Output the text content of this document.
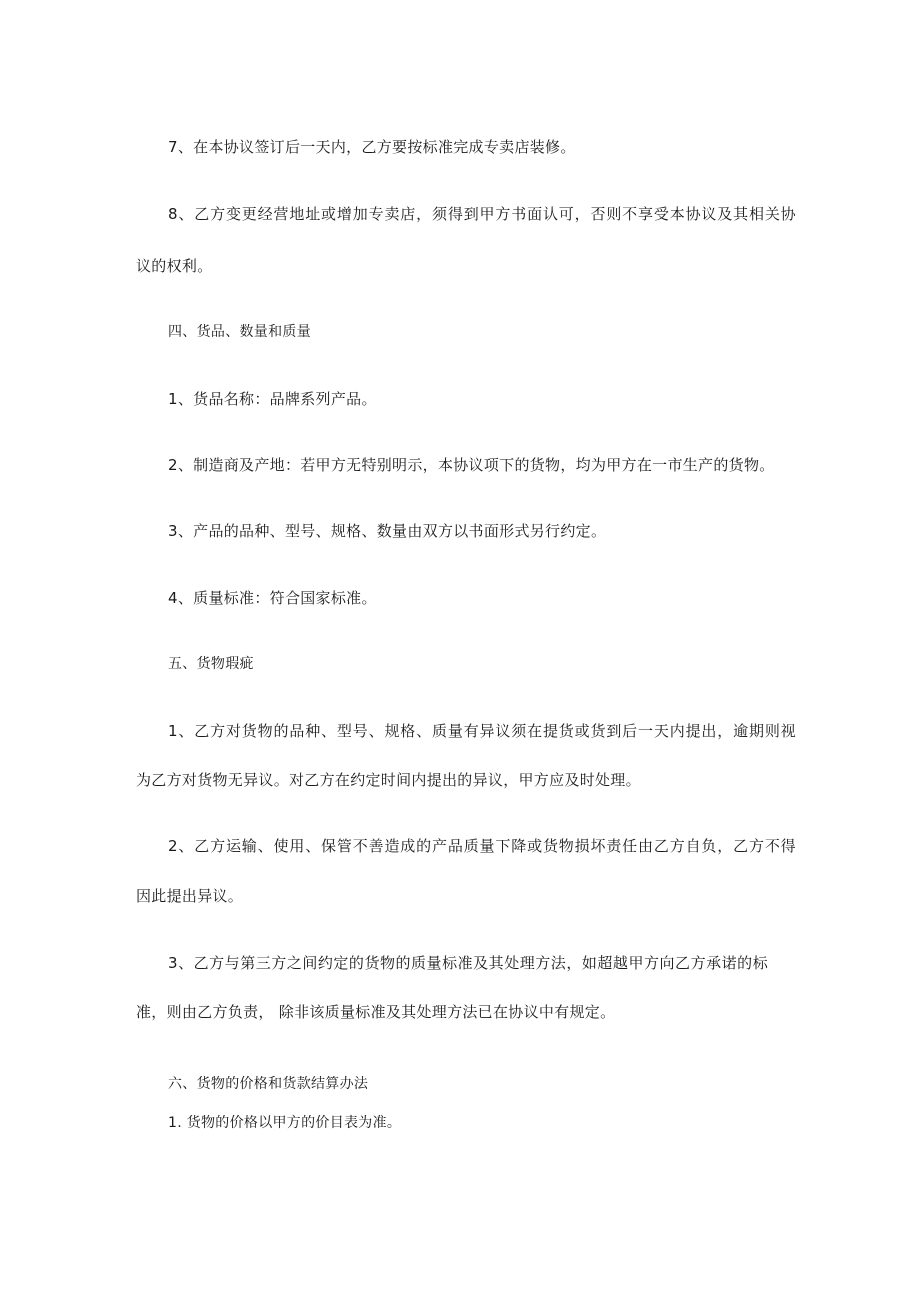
7、在本协议签订后一天内，乙方要按标准完成专卖店装修。
8、乙方变更经营地址或增加专卖店，须得到甲方书面认可，否则不享受本协议及其相关协
议的权利。
四、货品、数量和质量
1、货品名称：品牌系列产品。
2、制造商及产地：若甲方无特别明示，本协议项下的货物，均为甲方在一市生产的货物。
3、产品的品种、型号、规格、数量由双方以书面形式另行约定。
4、质量标准：符合国家标准。
五、货物瑕疵
1、乙方对货物的品种、型号、规格、质量有异议须在提货或货到后一天内提出，逾期则视
为乙方对货物无异议。对乙方在约定时间内提出的异议，甲方应及时处理。
2、乙方运输、使用、保管不善造成的产品质量下降或货物损坏责任由乙方自负，乙方不得
因此提出异议。
3、乙方与第三方之间约定的货物的质量标准及其处理方法，如超越甲方向乙方承诺的标
准，则由乙方负责， 除非该质量标准及其处理方法已在协议中有规定。
六、货物的价格和货款结算办法
1. 货物的价格以甲方的价目表为准。
